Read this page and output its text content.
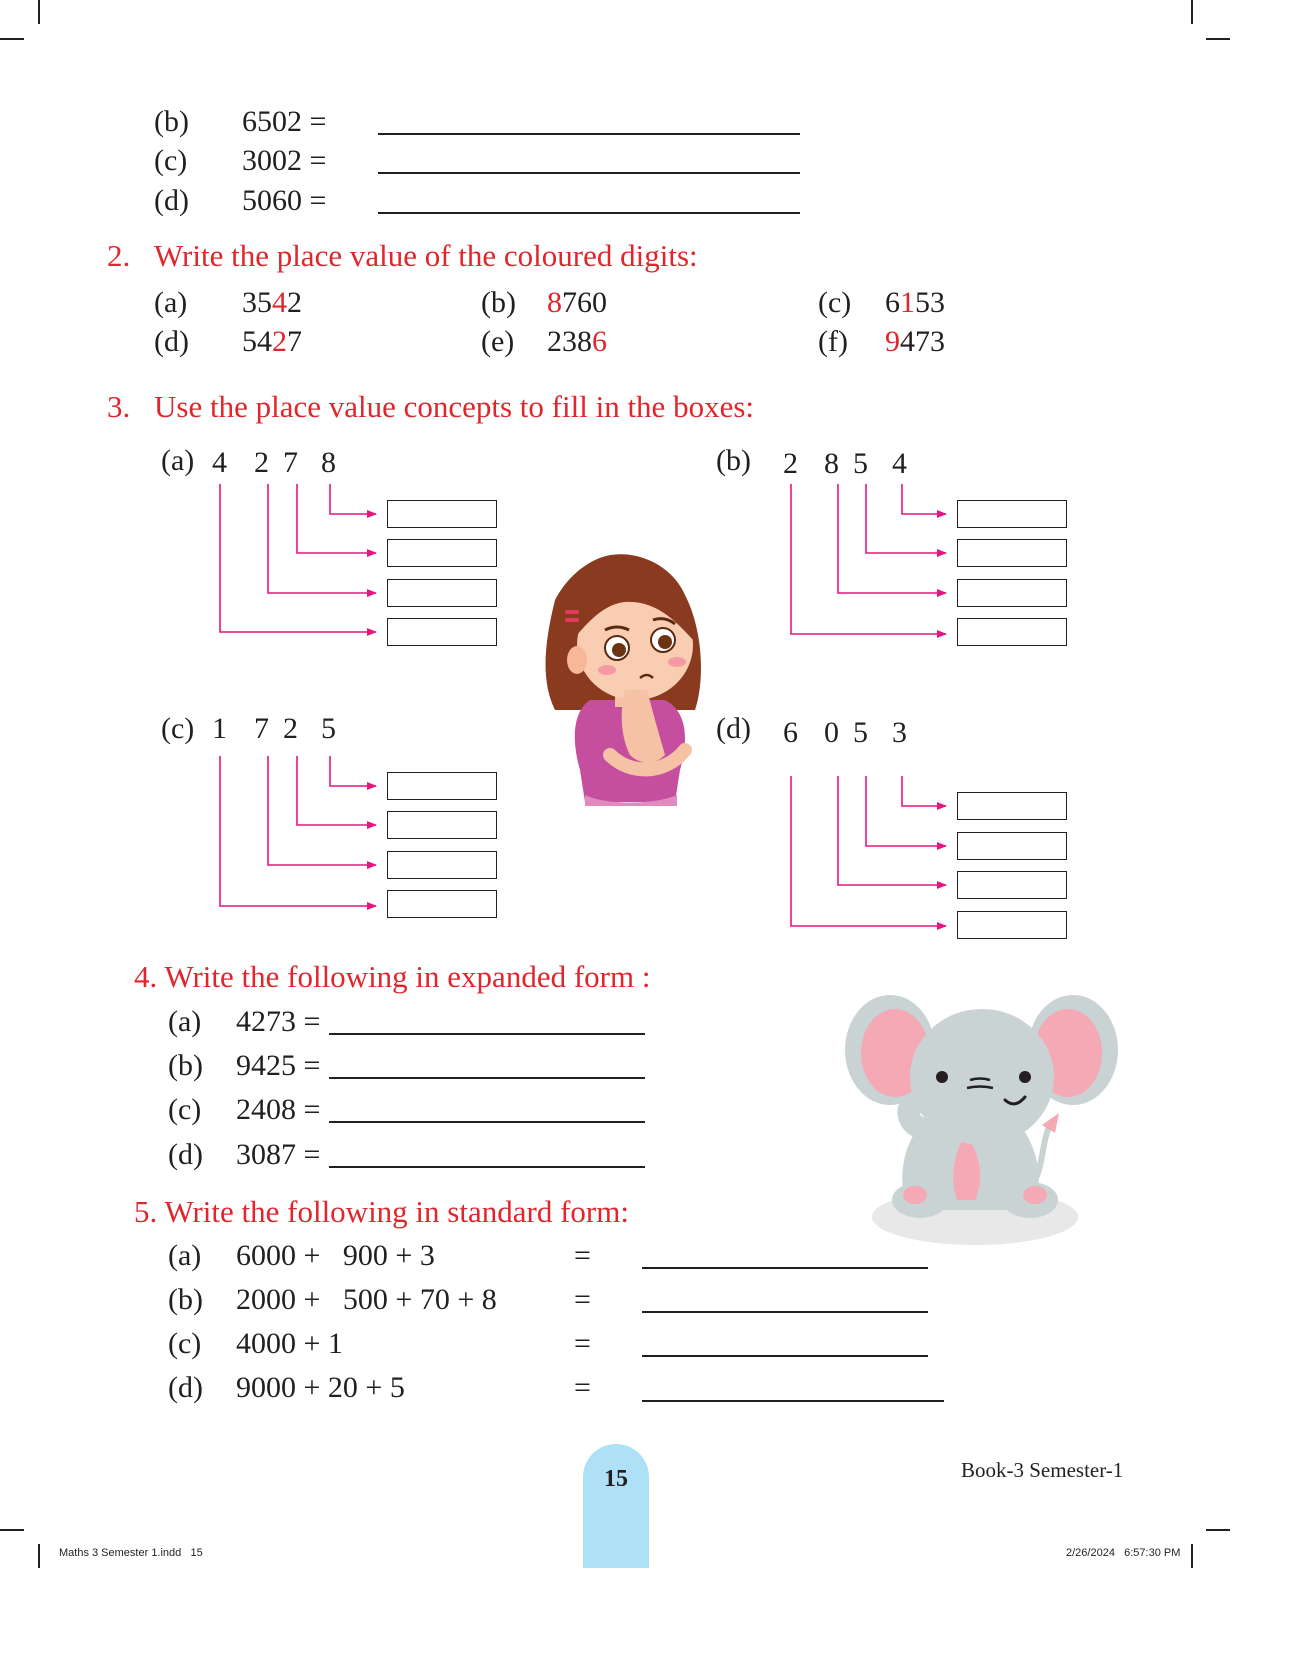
(b) 6502 =
(c) 3002 =
(d) 5060 =
2. Write the place value of the coloured digits:
(a) 3542	(b) 8760	(c) 6153
(d) 5427	(e) 2386	(f) 9473
3. Use the place value concepts to fill in the boxes:
(a) 4 2 7 8	(b) 2 8 5 4
(c) 1 7 2 5	(d) 6 0 5 3
4. Write the following in expanded form :
(a) 4273 =
(b) 9425 =
(c) 2408 =
(d) 3087 =
5. Write the following in standard form:
(a) 6000 +   900 + 3	=
(b) 2000 +   500 + 70 + 8	=
(c) 4000 + 1	=
(d) 9000 + 20 + 5	=
15	Book-3 Semester-1
Maths 3 Semester 1.indd   15	2/26/2024   6:57:30 PM
